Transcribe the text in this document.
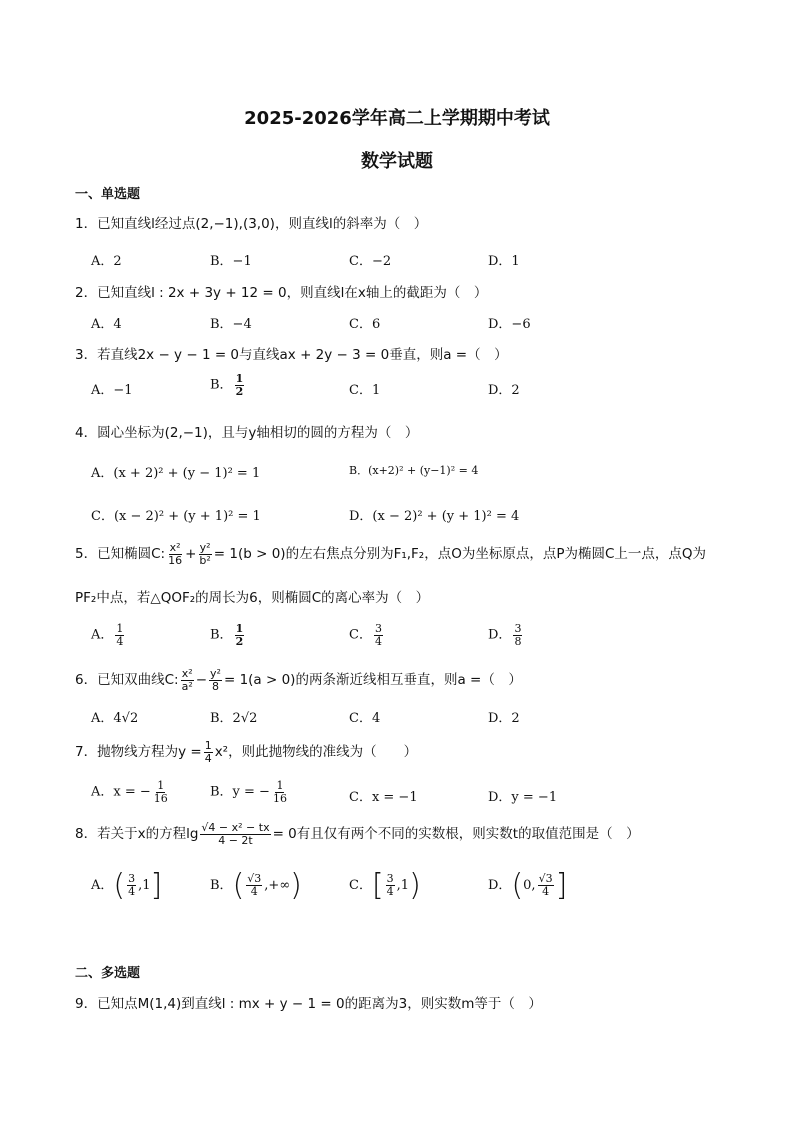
2025-2026学年高二上学期期中考试
数学试题
一、单选题
1．已知直线l经过点(2,−1),(3,0)，则直线l的斜率为（　）
A．2	B．−1	C．−2	D．1
2．已知直线l : 2x + 3y + 12 = 0，则直线l在x轴上的截距为（　）
A．4	B．−4	C．6	D．−6
3．若直线2x − y − 1 = 0与直线ax + 2y − 3 = 0垂直，则a =（　）
A．−1	B． $\frac{1}{2}$	C．1	D．2
4．圆心坐标为(2,−1)，且与y轴相切的圆的方程为（　）
A．(x + 2)² + (y − 1)² = 1	B．(x+2)² + (y−1)² = 4
C．(x − 2)² + (y + 1)² = 1	D．(x − 2)² + (y + 1)² = 4
5．已知椭圆C: $\frac{\text{x²}}{16} + \frac{\text{y²}}{\text{b²}} = 1(b > 0)$的左右焦点分别为F₁,F₂，点O为坐标原点，点P为椭圆C上一点，点Q为
PF₂中点，若△QOF₂的周长为6，则椭圆C的离心率为（　）
A． $\frac{1}{4}$	B． $\frac{1}{2}$	C． $\frac{3}{4}$	D． $\frac{3}{8}$
6．已知双曲线C: $\frac{\text{x²}}{\text{a²}} - \frac{\text{y²}}{8} = 1(a > 0)$的两条渐近线相互垂直，则a =（　）
A．4√2	B．2√2	C．4	D．2
7．抛物线方程为$y = \frac{1}{4} x^2$，则此抛物线的准线为（　　）
A．x = − $\frac{1}{16}$	B．y = − $\frac{1}{16}$	C．x = −1	D．y = −1
8．若关于x的方程$\lg \frac{\text{√4 − x² − tx}}{4 - 2t} = 0$有且仅有两个不同的实数根，则实数t的取值范围是（　）
A．( $\frac{3}{4} ,1$]	B．( $\frac{√3}{4}$ ,+∞)	C．[ $\frac{3}{4} ,1$)	D．(0, $\frac{√3}{4}$ ]
二、多选题
9．已知点M(1,4)到直线l : mx + y − 1 = 0的距离为3，则实数m等于（　）
